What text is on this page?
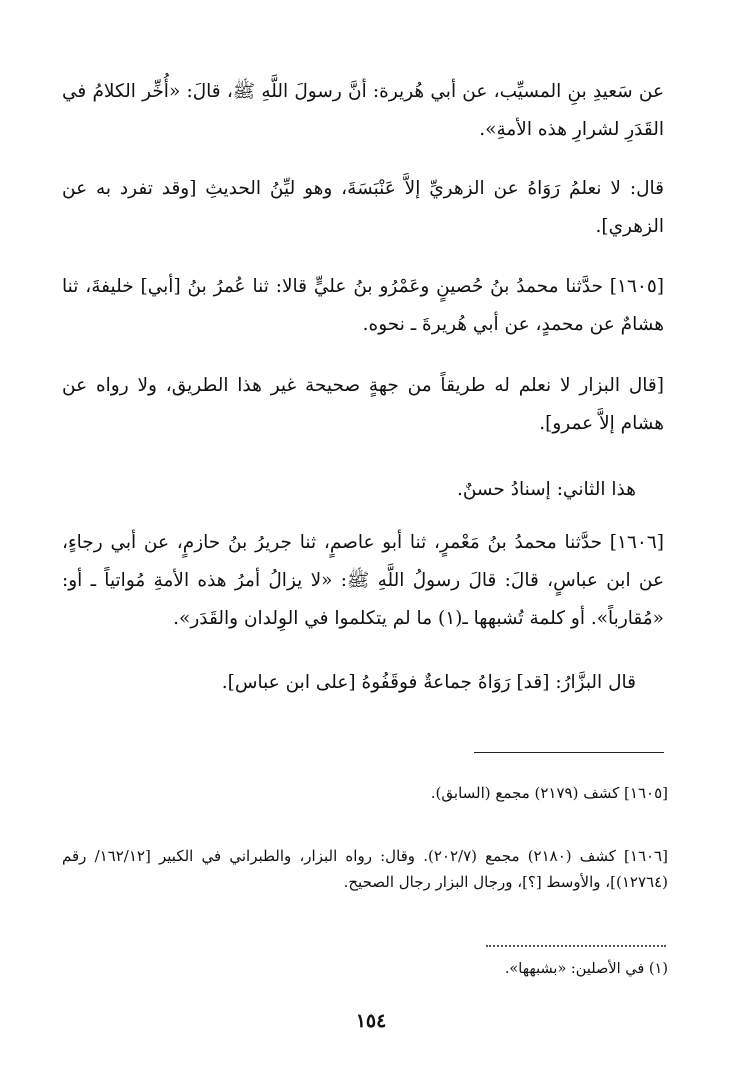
عن سَعيدِ بنِ المسيِّب، عن أبي هُريرة: أنَّ رسولَ اللَّهِ ﷺ، قالَ: «أُخِّر الكلامُ في القَدَرِ لشرارِ هذه الأمةِ».

قال: لا نعلمُ رَوَاهُ عن الزهريِّ إلاَّ عَنْبَسَةَ، وهو ليِّنُ الحديثِ [وقد تفرد به عن الزهري].

[١٦٠٥] حدَّثنا محمدُ بنُ حُصينٍ وعَمْرُو بنُ عليٍّ قالا: ثنا عُمرُ بنُ [أبي] خليفةَ، ثنا هشامٌ عن محمدٍ، عن أبي هُريرةَ ـ نحوه.

[قال البزار لا نعلم له طريقاً من جهةٍ صحيحة غير هذا الطريق، ولا رواه عن هشام إلاَّ عمرو].

هذا الثاني: إسنادُ حسنٌ.

[١٦٠٦] حدَّثنا محمدُ بنُ مَعْمرٍ، ثنا أبو عاصمٍ، ثنا جريرُ بنُ حازمٍ، عن أبي رجاءٍ، عن ابن عباسٍ، قالَ: قالَ رسولُ اللَّهِ ﷺ: «لا يزالُ أمرُ هذه الأمةِ مُواتياً ـ أو: «مُقارباً». أو كلمة تُشبهها ـ(١) ما لم يتكلموا في الوِلدان والقَدَر».

قال البزَّارُ: [قد] رَوَاهُ جماعةٌ فوقَفُوهُ [على ابن عباس].

[١٦٠٥] كشف (٢١٧٩) مجمع (السابق).

[١٦٠٦] كشف (٢١٨٠) مجمع (٢٠٢/٧). وقال: رواه البزار، والطبراني في الكبير [١٦٢/١٢/ رقم (١٢٧٦٤)]، والأوسط [؟]، ورجال البزار رجال الصحيح.

(١) في الأصلين: «بشبهها».

١٥٤
